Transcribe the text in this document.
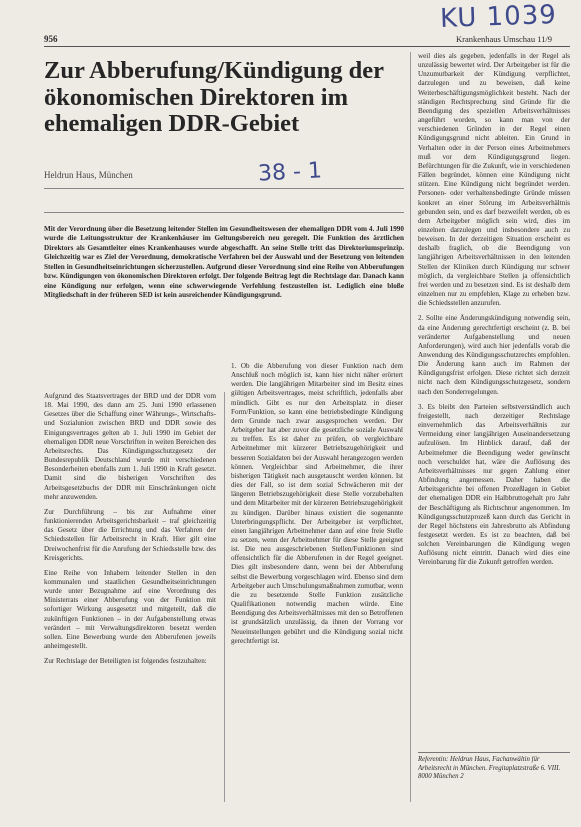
956	Krankenhaus Umschau 11/9
KU 1039
Zur Abberufung/Kündigung der ökonomischen Direktoren im ehemaligen DDR-Gebiet
Heldrun Haus, München	38 - 1
Mit der Verordnung über die Besetzung leitender Stellen im Gesundheitswesen der ehemaligen DDR vom 4. Juli 1990 wurde die Leitungsstruktur der Krankenhäuser im Geltungsbereich neu geregelt. Die Funktion des ärztlichen Direktors als Gesamtleiter eines Krankenhauses wurde abgeschafft. An seine Stelle tritt das Direktoriumsprinzip. Gleichzeitig war es Ziel der Verordnung, demokratische Verfahren bei der Auswahl und der Besetzung von leitenden Stellen in Gesundheitseinrichtungen sicherzustellen. Aufgrund dieser Verordnung sind eine Reihe von Abberufungen bzw. Kündigungen von ökonomischen Direktoren erfolgt. Der folgende Beitrag legt die Rechtslage dar. Danach kann eine Kündigung nur erfolgen, wenn eine schwerwiegende Verfehlung festzustellen ist. Lediglich eine bloße Mitgliedschaft in der früheren SED ist kein ausreichender Kündigungsgrund.

Aufgrund des Staatsvertrages der BRD und der DDR vom 18. Mai 1990, des dann am 25. Juni 1990 erlassenen Gesetzes über die Schaffung einer Währungs-, Wirtschafts- und Sozialunion zwischen BRD und DDR sowie des Einigungsvertrages gelten ab 1. Juli 1990 im Gebiet der ehemaligen DDR neue Vorschriften in weiten Bereichen des Arbeitsrechts. Das Kündigungsschutzgesetz der Bundesrepublik Deutschland wurde mit verschiedenen Besonderheiten ebenfalls zum 1. Juli 1990 in Kraft gesetzt. Damit sind die bisherigen Vorschriften des Arbeitsgesetzbuchs der DDR mit Einschränkungen nicht mehr anzuwenden.

Zur Durchführung – bis zur Aufnahme einer funktionierenden Arbeitsgerichtsbarkeit – traf gleichzeitig das Gesetz über die Errichtung und das Verfahren der Schiedsstellen für Arbeitsrecht in Kraft. Hier gilt eine Dreiwochenfrist für die Anrufung der Schiedsstelle bzw. des Kreisgerichts.

Eine Reihe von Inhabern leitender Stellen in den kommunalen und staatlichen Gesundheitseinrichtungen wurde unter Bezugnahme auf eine Verordnung des Ministerrats einer Abberufung von der Funktion mit sofortiger Wirkung ausgesetzt und mitgeteilt, daß die zukünftigen Funktionen – in der Aufgabenstellung etwas verändert – mit Verwaltungsdirektoren besetzt werden sollen. Eine Bewerbung wurde den Abberufenen jeweils anheimgestellt.

Zur Rechtslage der Beteiligten ist folgendes festzuhalten:

1. Ob die Abberufung von dieser Funktion nach dem Anschluß noch möglich ist, kann hier nicht näher erörtert werden. Die langjährigen Mitarbeiter sind im Besitz eines gültigen Arbeitsvertrages, meist schriftlich, jedenfalls aber mündlich. Gibt es nur den Arbeitsplatz in dieser Form/Funktion, so kann eine betriebsbedingte Kündigung dem Grunde nach zwar ausgesprochen werden. Der Arbeitgeber hat aber zuvor die gesetzliche soziale Auswahl zu treffen. Es ist daher zu prüfen, ob vergleichbare Arbeitnehmer mit kürzerer Betriebszugehörigkeit und besseren Sozialdaten bei der Auswahl herangezogen werden können. Vergleichbar sind Arbeitnehmer, die ihrer bisherigen Tätigkeit nach ausgetauscht werden können. Ist dies der Fall, so ist dem sozial Schwächeren mit der längeren Betriebszugehörigkeit diese Stelle vorzubehalten und dem Mitarbeiter mit der kürzeren Betriebszugehörigkeit zu kündigen. Darüber hinaus existiert die sogenannte Unterbringungspflicht. Der Arbeitgeber ist verpflichtet, einen langjährigen Arbeitnehmer dann auf eine freie Stelle zu setzen, wenn der Arbeitnehmer für diese Stelle geeignet ist. Die neu ausgeschriebenen Stellen/Funktionen sind offensichtlich für die Abberufenen in der Regel geeignet. Dies gilt insbesondere dann, wenn bei der Abberufung selbst die Bewerbung vorgeschlagen wird. Ebenso sind dem Arbeitgeber auch Umschulungsmaßnahmen zumutbar, wenn die zu besetzende Stelle Funktion zusätzliche Qualifikationen notwendig machen würde. Eine Beendigung des Arbeitsverhältnisses mit den so Betroffenen ist grundsätzlich unzulässig, da ihnen der Vorrang vor Neueinstellungen gebührt und die Kündigung sozial nicht gerechtfertigt ist.

weil dies als gegeben, jedenfalls in der Regel als unzulässig bewertet wird. Der Arbeitgeber ist für die Unzumutbarkeit der Kündigung verpflichtet, darzulegen und zu beweisen, daß keine Weiterbeschäftigungsmöglichkeit besteht. Nach der ständigen Rechtsprechung sind Gründe für die Beendigung des speziellen Arbeitsverhältnisses angeführt worden, so kann man von der verschiedenen Gründen in der Regel einen Kündigungsgrund nicht ableiten. Ein Grund in Verhalten oder in der Person eines Arbeitnehmers muß vor dem Kündigungsgrund liegen. Befürchtungen für die Zukunft, wie in verschiedenen Fällen begründet, können eine Kündigung nicht stützen. Eine Kündigung nicht begründet werden. Personen- oder verhaltensbedingte Gründe müssen konkret an einer Störung im Arbeitsverhältnis gebunden sein, und es darf bezweifelt werden, ob es dem Arbeitgeber möglich sein wird, dies im einzelnen darzulegen und insbesondere auch zu beweisen. In der derzeitigen Situation erscheint es deshalb fraglich, ob die Beendigung von langjährigen Arbeitsverhältnissen in den leitenden Stellen der Kliniken durch Kündigung nur schwer möglich, da vergleichbare Stellen ja offensichtlich frei werden und zu besetzen sind. Es ist deshalb dem einzelnen nur zu empfehlen, Klage zu erheben bzw. die Schiedsstellen anzurufen.

2. Sollte eine Änderungskündigung notwendig sein, da eine Änderung gerechtfertigt erscheint (z. B. bei veränderter Aufgabenstellung und neuen Anforderungen), wird auch hier jedenfalls vorab die Anwendung des Kündigungsschutzrechts empfohlen. Die Änderung kann auch im Rahmen der Kündigungsfrist erfolgen. Diese richtet sich derzeit nicht nach dem Kündigungsschutzgesetz, sondern nach den Sonderregelungen.

3. Es bleibt den Parteien selbstverständlich auch freigestellt, nach derzeitiger Rechtslage einvernehmlich das Arbeitsverhältnis zur Vermeidung einer langjährigen Auseinandersetzung aufzulösen. Im Hinblick darauf, daß der Arbeitnehmer die Beendigung weder gewünscht noch verschuldet hat, wäre die Auflösung des Arbeitsverhältnisses nur gegen Zahlung einer Abfindung angemessen. Daher haben die Arbeitsgerichte bei offenen Prozeßlagen in Gebiet der ehemaligen DDR ein Halbbruttogehalt pro Jahr der Beschäftigung als Richtschnur angenommen. Im Kündigungsschutzprozeß kann durch das Gericht in der Regel höchstens ein Jahresbrutto als Abfindung festgesetzt werden. Es ist zu beachten, daß bei solchen Vereinbarungen die Kündigung wegen Auflösung nicht eintritt. Danach wird dies eine Vereinbarung für die Zukunft getroffen werden.

Referentin: Heldrun Haus, Fachanwältin für Arbeitsrecht in München. Fregitaplatzstraße 6. VIII. 8000 München 2
